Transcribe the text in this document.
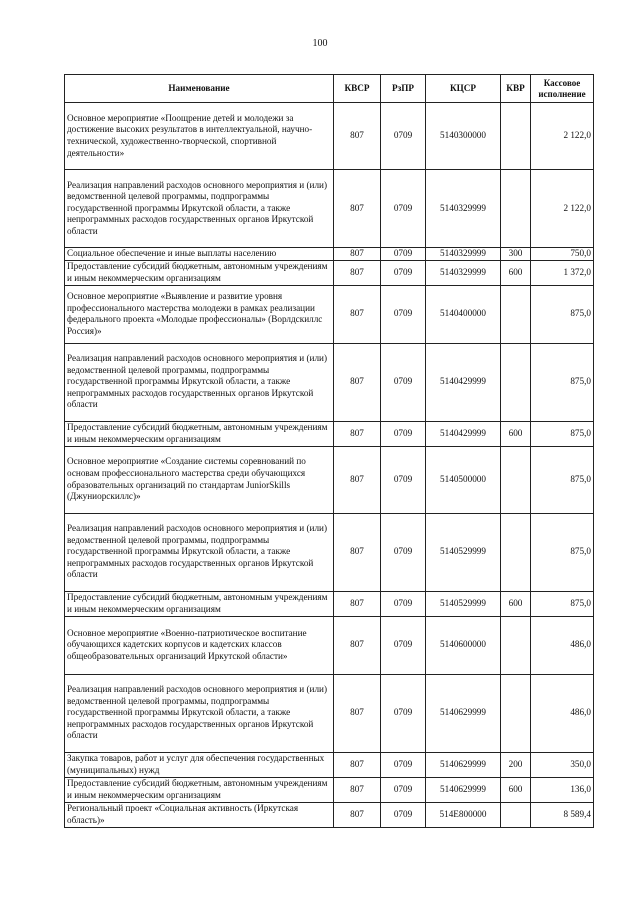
100
Наименование	КВСР	РзПР	КЦСР	КВР	Кассовое исполнение
Основное мероприятие «Поощрение детей и молодежи за достижение высоких результатов в интеллектуальной, научно-технической, художественно-творческой, спортивной деятельности»	807	0709	5140300000		2 122,0
Реализация направлений расходов основного мероприятия и (или) ведомственной целевой программы, подпрограммы государственной программы Иркутской области, а также непрограммных расходов государственных органов Иркутской области	807	0709	5140329999		2 122,0
Социальное обеспечение и иные выплаты населению	807	0709	5140329999	300	750,0
Предоставление субсидий бюджетным, автономным учреждениям и иным некоммерческим организациям	807	0709	5140329999	600	1 372,0
Основное мероприятие «Выявление и развитие уровня профессионального мастерства молодежи в рамках реализации федерального проекта «Молодые профессионалы» (Ворлдскиллс Россия)»	807	0709	5140400000		875,0
Реализация направлений расходов основного мероприятия и (или) ведомственной целевой программы, подпрограммы государственной программы Иркутской области, а также непрограммных расходов государственных органов Иркутской области	807	0709	5140429999		875,0
Предоставление субсидий бюджетным, автономным учреждениям и иным некоммерческим организациям	807	0709	5140429999	600	875,0
Основное мероприятие «Создание системы соревнований по основам профессионального мастерства среди обучающихся образовательных организаций по стандартам JuniorSkills (Джуниорскиллс)»	807	0709	5140500000		875,0
Реализация направлений расходов основного мероприятия и (или) ведомственной целевой программы, подпрограммы государственной программы Иркутской области, а также непрограммных расходов государственных органов Иркутской области	807	0709	5140529999		875,0
Предоставление субсидий бюджетным, автономным учреждениям и иным некоммерческим организациям	807	0709	5140529999	600	875,0
Основное мероприятие «Военно-патриотическое воспитание обучающихся кадетских корпусов и кадетских классов общеобразовательных организаций Иркутской области»	807	0709	5140600000		486,0
Реализация направлений расходов основного мероприятия и (или) ведомственной целевой программы, подпрограммы государственной программы Иркутской области, а также непрограммных расходов государственных органов Иркутской области	807	0709	5140629999		486,0
Закупка товаров, работ и услуг для обеспечения государственных (муниципальных) нужд	807	0709	5140629999	200	350,0
Предоставление субсидий бюджетным, автономным учреждениям и иным некоммерческим организациям	807	0709	5140629999	600	136,0
Региональный проект «Социальная активность (Иркутская область)»	807	0709	514E800000		8 589,4
